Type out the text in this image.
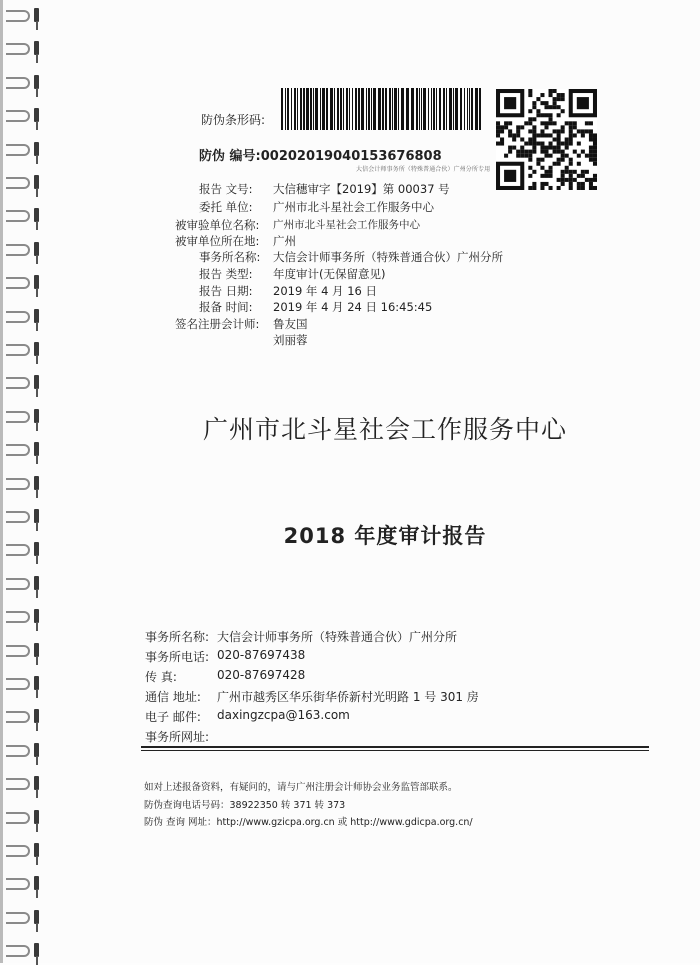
防伪条形码:
防伪 编号:00202019040153676808
大信会计师事务所（特殊普通合伙）广州分所专用
报告 文号: 大信穗审字【2019】第 00037 号
委托 单位: 广州市北斗星社会工作服务中心
被审验单位名称: 广州市北斗星社会工作服务中心
被审单位所在地: 广州
事务所名称: 大信会计师事务所（特殊普通合伙）广州分所
报告 类型: 年度审计(无保留意见)
报告 日期: 2019 年 4 月 16 日
报备 时间: 2019 年 4 月 24 日 16:45:45
签名注册会计师: 鲁友国
刘丽蓉
广州市北斗星社会工作服务中心
2018 年度审计报告
事务所名称: 大信会计师事务所（特殊普通合伙）广州分所
事务所电话: 020-87697438
传 真:	020-87697428
通信 地址: 广州市越秀区华乐街华侨新村光明路 1 号 301 房
电子 邮件: daxingzcpa@163.com
事务所网址:
如对上述报备资料，有疑问的，请与广州注册会计师协会业务监管部联系。
防伪查询电话号码：38922350 转 371 转 373
防伪 查询 网址：http://www.gzicpa.org.cn 或 http://www.gdicpa.org.cn/
